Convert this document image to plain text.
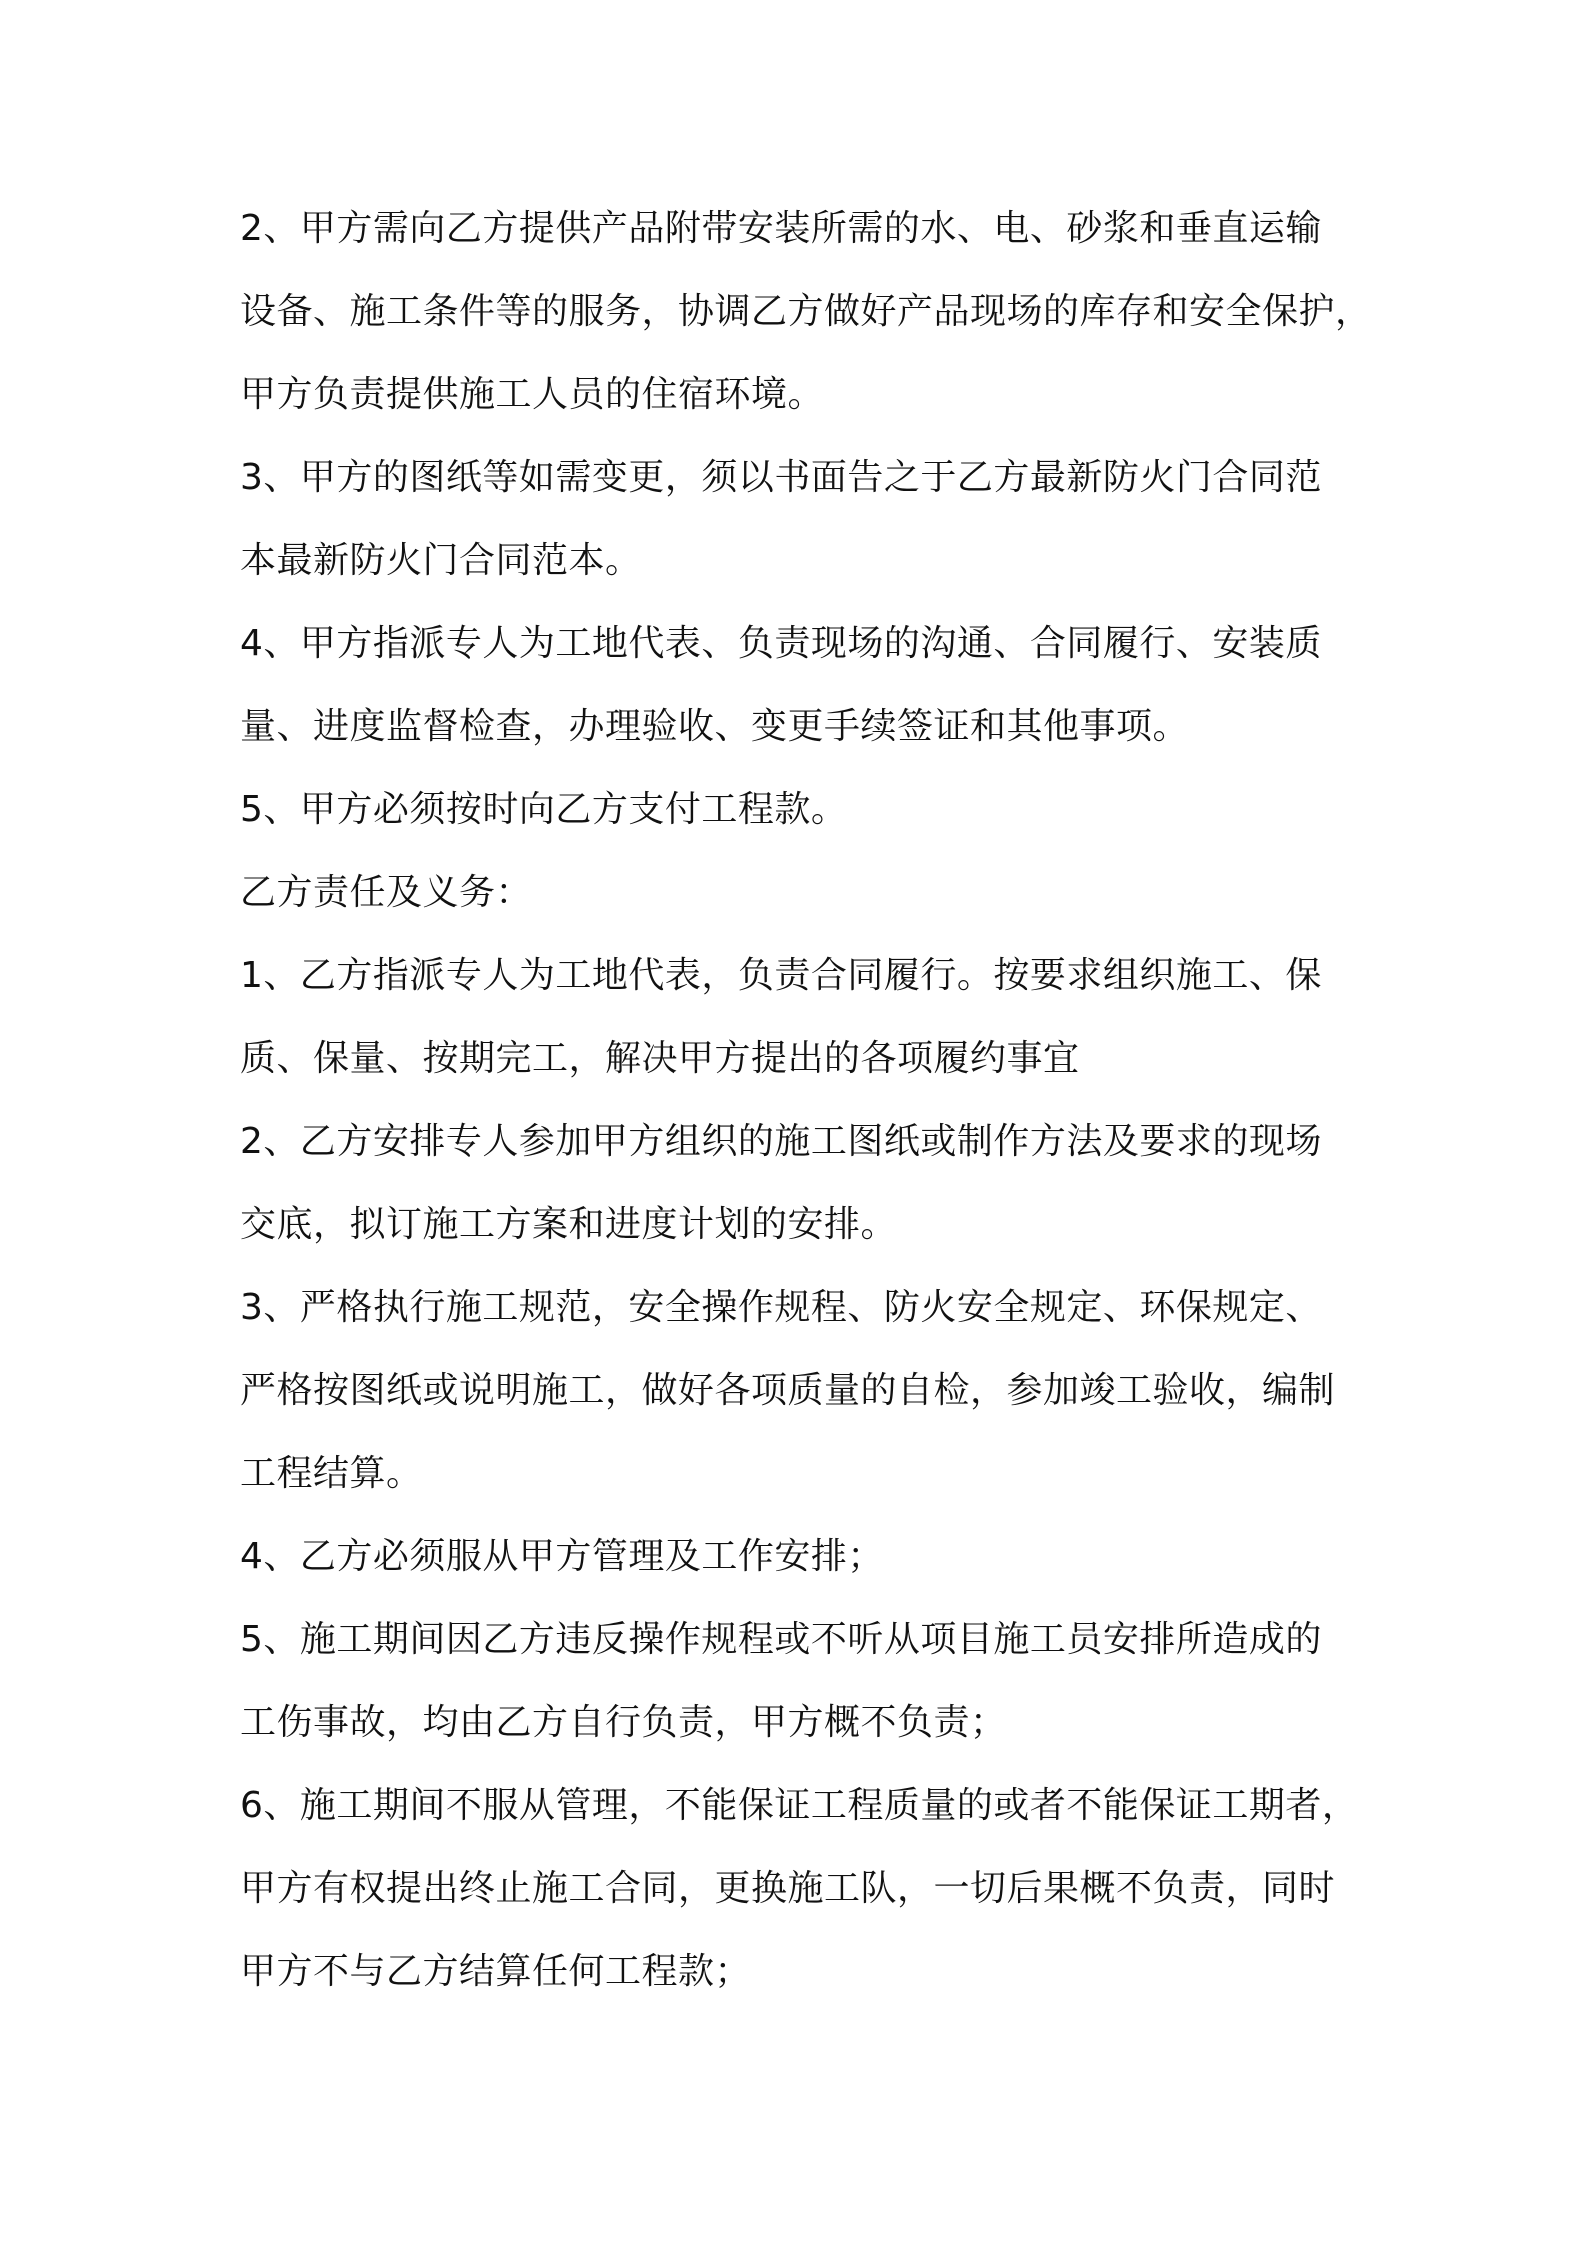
2、甲方需向乙方提供产品附带安装所需的水、电、砂浆和垂直运输
设备、施工条件等的服务，协调乙方做好产品现场的库存和安全保护，
甲方负责提供施工人员的住宿环境。
3、甲方的图纸等如需变更，须以书面告之于乙方最新防火门合同范
本最新防火门合同范本。
4、甲方指派专人为工地代表、负责现场的沟通、合同履行、安装质
量、进度监督检查，办理验收、变更手续签证和其他事项。
5、甲方必须按时向乙方支付工程款。
乙方责任及义务：
1、乙方指派专人为工地代表，负责合同履行。按要求组织施工、保
质、保量、按期完工，解决甲方提出的各项履约事宜
2、乙方安排专人参加甲方组织的施工图纸或制作方法及要求的现场
交底，拟订施工方案和进度计划的安排。
3、严格执行施工规范，安全操作规程、防火安全规定、环保规定、
严格按图纸或说明施工，做好各项质量的自检，参加竣工验收，编制
工程结算。
4、乙方必须服从甲方管理及工作安排；
5、施工期间因乙方违反操作规程或不听从项目施工员安排所造成的
工伤事故，均由乙方自行负责，甲方概不负责；
6、施工期间不服从管理，不能保证工程质量的或者不能保证工期者，
甲方有权提出终止施工合同，更换施工队，一切后果概不负责，同时
甲方不与乙方结算任何工程款；
